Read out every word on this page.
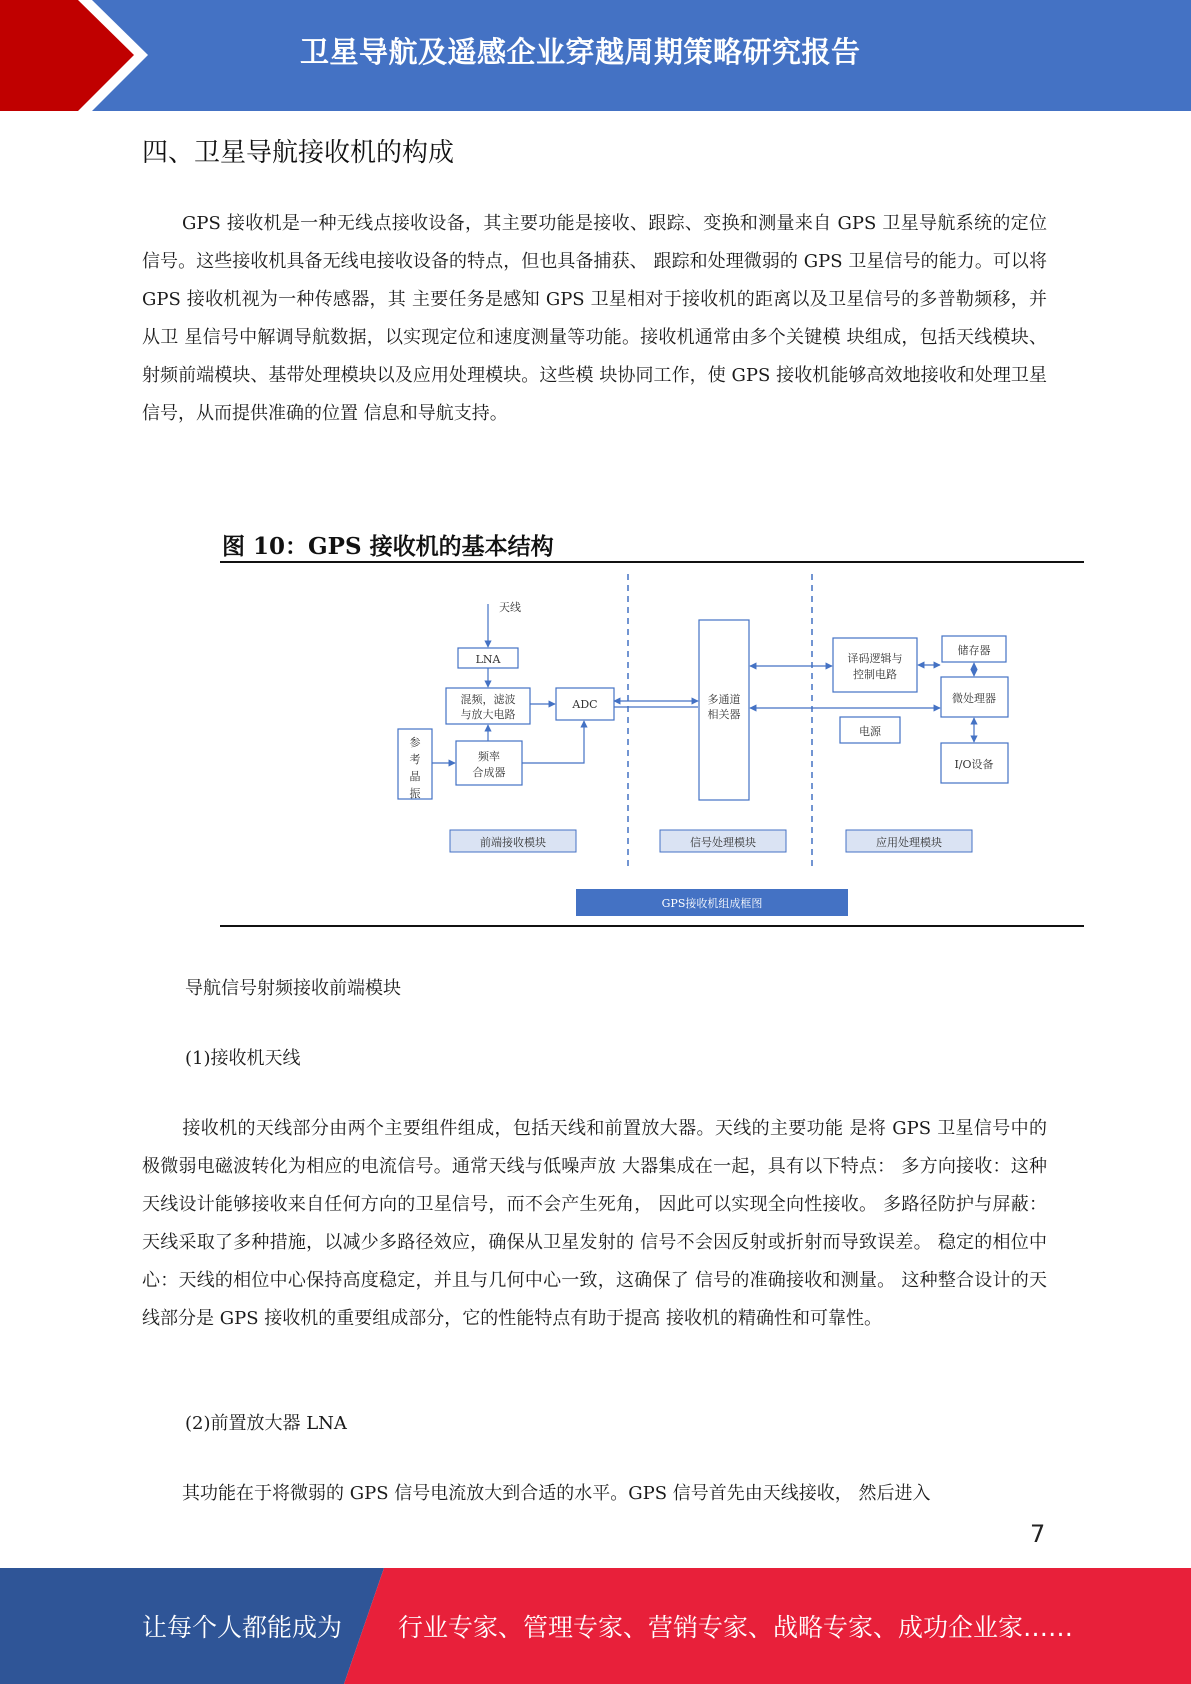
卫星导航及遥感企业穿越周期策略研究报告
四、卫星导航接收机的构成

GPS 接收机是一种无线点接收设备，其主要功能是接收、跟踪、变换和测量来自 GPS 卫星导航系统的定位信号。这些接收机具备无线电接收设备的特点，但也具备捕获、 跟踪和处理微弱的 GPS 卫星信号的能力。可以将 GPS 接收机视为一种传感器，其 主要任务是感知 GPS 卫星相对于接收机的距离以及卫星信号的多普勒频移，并从卫 星信号中解调导航数据，以实现定位和速度测量等功能。接收机通常由多个关键模 块组成，包括天线模块、射频前端模块、基带处理模块以及应用处理模块。这些模 块协同工作，使 GPS 接收机能够高效地接收和处理卫星信号，从而提供准确的位置 信息和导航支持。

图 10：GPS 接收机的基本结构
天线
LNA
混频，滤波
与放大电路
ADC
参
考
晶
振
频率
合成器
多通道
相关器
译码逻辑与
控制电路
储存器
微处理器
电源
I/O设备
前端接收模块	信号处理模块	应用处理模块
GPS接收机组成框图
导航信号射频接收前端模块
(1)接收机天线

接收机的天线部分由两个主要组件组成，包括天线和前置放大器。天线的主要功能 是将 GPS 卫星信号中的极微弱电磁波转化为相应的电流信号。通常天线与低噪声放 大器集成在一起，具有以下特点： 多方向接收：这种天线设计能够接收来自任何方向的卫星信号，而不会产生死角， 因此可以实现全向性接收。 多路径防护与屏蔽：天线采取了多种措施，以减少多路径效应，确保从卫星发射的 信号不会因反射或折射而导致误差。 稳定的相位中心：天线的相位中心保持高度稳定，并且与几何中心一致，这确保了 信号的准确接收和测量。 这种整合设计的天线部分是 GPS 接收机的重要组成部分，它的性能特点有助于提高 接收机的精确性和可靠性。

(2)前置放大器 LNA

其功能在于将微弱的 GPS 信号电流放大到合适的水平。GPS 信号首先由天线接收， 然后进入

7
让每个人都能成为 行业专家、管理专家、营销专家、战略专家、成功企业家……
